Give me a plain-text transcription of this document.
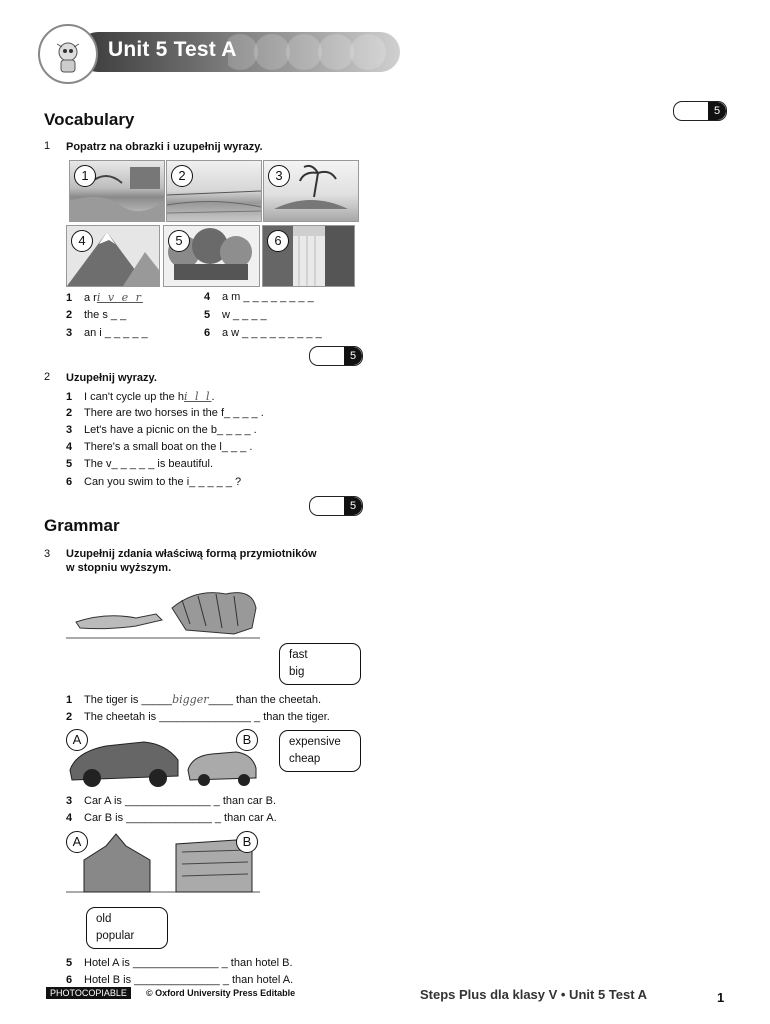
Unit 5 Test A
Vocabulary	5
1 Popatrz na obrazki i uzupełnij wyrazy.
1	2	3
4	5	6
1 a ri v e r
2 the s _ _
3 an i _ _ _ _ _
4 a m _ _ _ _ _ _ _ _
5 w _ _ _ _
6 a w _ _ _ _ _ _ _ _ _
5
2 Uzupełnij wyrazy.
1 I can't cycle up the hi l l.
2 There are two horses in the f_ _ _ _ .
3 Let's have a picnic on the b_ _ _ _ .
4 There's a small boat on the l_ _ _ .
5 The v_ _ _ _ _ is beautiful.
6 Can you swim to the i_ _ _ _ _ ?
5
Grammar
3 Uzupełnij zdania właściwą formą przymiotników
w stopniu wyższym.
fast
big
1 The tiger is _____bigger____ than the cheetah.
2 The cheetah is _______________ _ than the tiger.
A	B	expensive
cheap
3 Car A is ______________ _ than car B.
4 Car B is ______________ _ than car A.
A	B
old
popular
5 Hotel A is ______________ _ than hotel B.
6 Hotel B is ______________ _ than hotel A.
PHOTOCOPIABLE	© Oxford University Press Editable	Steps Plus dla klasy V • Unit 5 Test A	1
